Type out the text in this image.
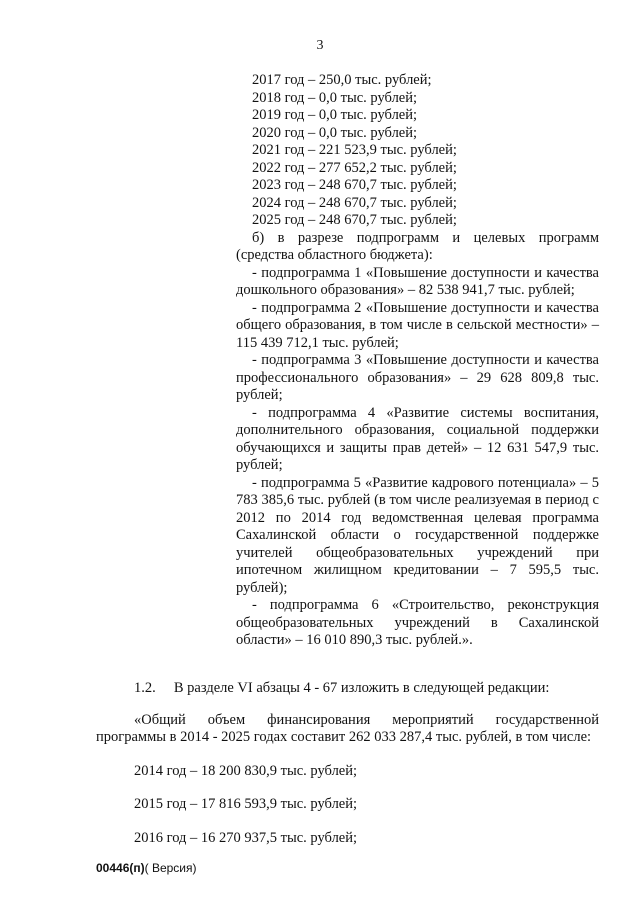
3
2017 год – 250,0 тыс. рублей;
2018 год – 0,0 тыс. рублей;
2019 год – 0,0 тыс. рублей;
2020 год – 0,0 тыс. рублей;
2021 год – 221 523,9 тыс. рублей;
2022 год – 277 652,2 тыс. рублей;
2023 год – 248 670,7 тыс. рублей;
2024 год – 248 670,7 тыс. рублей;
2025 год – 248 670,7 тыс. рублей;

б) в разрезе подпрограмм и целевых программ (средства областного бюджета):

- подпрограмма 1 «Повышение доступности и качества дошкольного образования» – 82 538 941,7 тыс. рублей;

- подпрограмма 2 «Повышение доступности и качества общего образования, в том числе в сельской местности» – 115 439 712,1 тыс. рублей;

- подпрограмма 3 «Повышение доступности и качества профессионального образования» – 29 628 809,8 тыс. рублей;

- подпрограмма 4 «Развитие системы воспитания, дополнительного образования, социальной поддержки обучающихся и защиты прав детей» – 12 631 547,9 тыс. рублей;

- подпрограмма 5 «Развитие кадрового потенциала» – 5 783 385,6 тыс. рублей (в том числе реализуемая в период с 2012 по 2014 год ведомственная целевая программа Сахалинской области о государственной поддержке учителей общеобразовательных учреждений при ипотечном жилищном кредитовании – 7 595,5 тыс. рублей);

- подпрограмма 6 «Строительство, реконструкция общеобразовательных учреждений в Сахалинской области» – 16 010 890,3 тыс. рублей.».

1.2.     В разделе VI абзацы 4 - 67 изложить в следующей редакции:

«Общий объем финансирования мероприятий государственной программы в 2014 - 2025 годах составит 262 033 287,4 тыс. рублей, в том числе:

2014 год – 18 200 830,9 тыс. рублей;

2015 год – 17 816 593,9 тыс. рублей;

2016 год – 16 270 937,5 тыс. рублей;

00446(п)( Версия)
